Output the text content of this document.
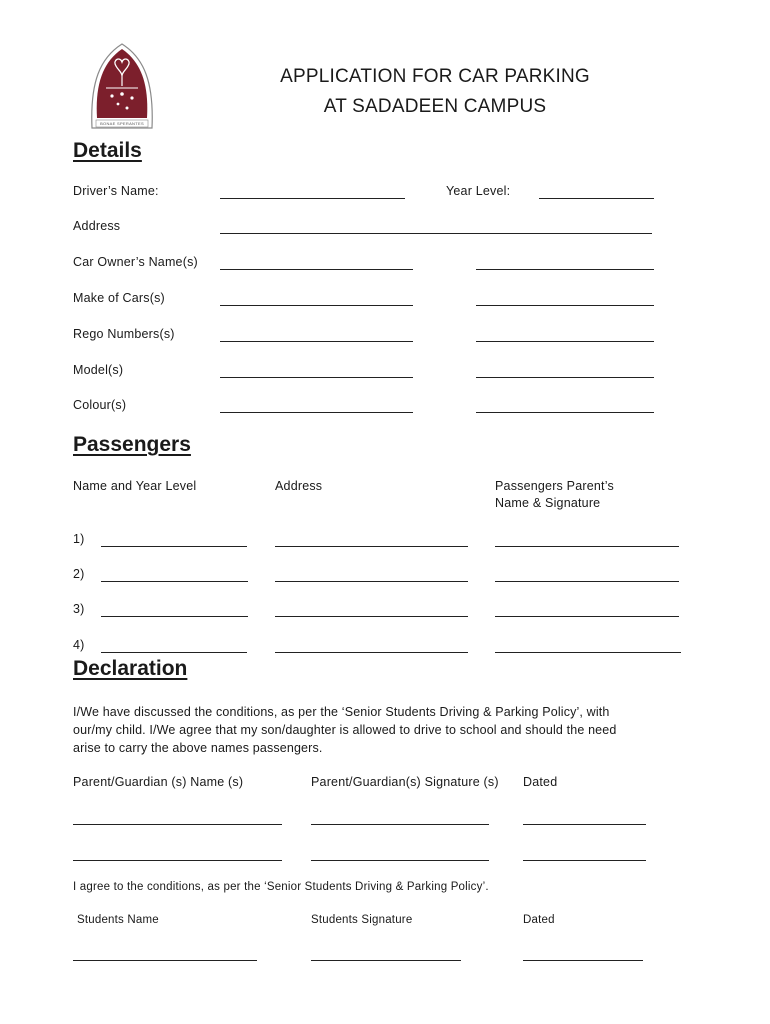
BONAE SPERANTES
APPLICATION FOR CAR PARKING
AT SADADEEN CAMPUS
Details
Driver’s Name:	Year Level:
Address
Car Owner’s Name(s)
Make of Cars(s)
Rego Numbers(s)
Model(s)
Colour(s)
Passengers
Name and Year Level	Address	Passengers Parent’s
Name & Signature
1)
2)
3)
4)
Declaration
I/We have discussed the conditions, as per the ‘Senior Students Driving & Parking Policy’, with
our/my child. I/We agree that my son/daughter is allowed to drive to school and should the need
arise to carry the above names passengers.
Parent/Guardian (s) Name (s)	Parent/Guardian(s) Signature (s) Dated
I agree to the conditions, as per the ‘Senior Students Driving & Parking Policy’.
Students Name	Students Signature	Dated
